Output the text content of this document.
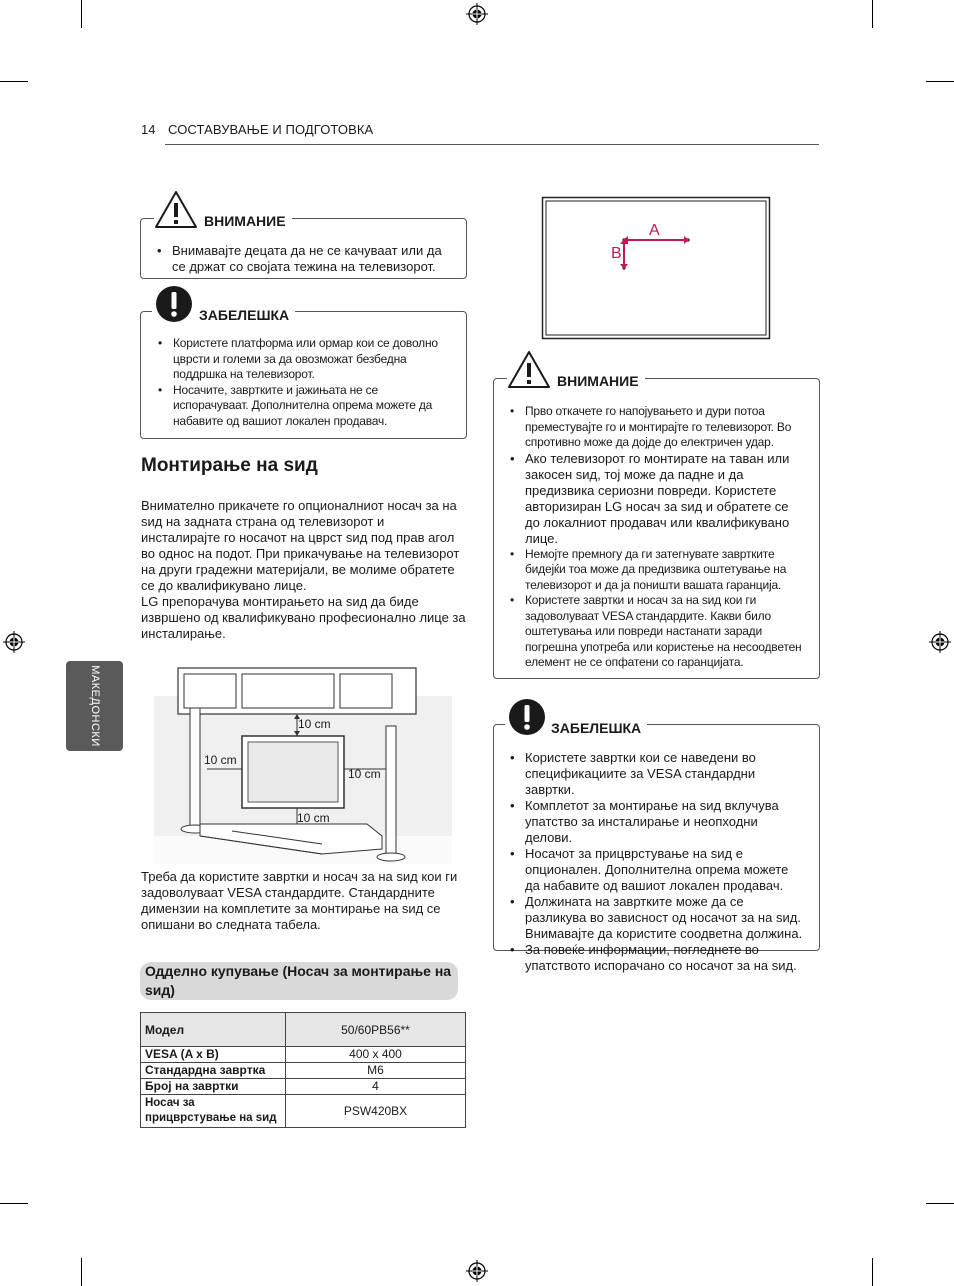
14 СОСТАВУВАЊЕ И ПОДГОТОВКА
МАКЕДОНСКИ
ВНИМАНИЕ
• Внимавајте децата да не се качуваат или да се држат со својата тежина на телевизорот.
ЗАБЕЛЕШКА
• Користете платформа или ормар кои се доволно цврсти и големи за да овозможат безбедна поддршка на телевизорот.
• Носачите, завртките и јажињата не се испорачуваат. Дополнителна опрема можете да набавите од вашиот локален продавач.
Монтирање на ѕид
Внимателно прикачете го опционалниот носач за на ѕид на задната страна од телевизорот и инсталирајте го носачот на цврст ѕид под прав агол во однос на подот. При прикачување на телевизорот на други градежни материјали, ве молиме обратете се до квалификувано лице.
LG препорачува монтирањето на ѕид да биде извршено од квалификувано професионално лице за инсталирање.
10 cm
10 cm
10 cm
10 cm
Треба да користите завртки и носач за на ѕид кои ги задоволуваат VESA стандардите. Стандардните димензии на комплетите за монтирање на ѕид се опишани во следната табела.
Одделно купување (Носач за монтирање на ѕид)
Модел	50/60PB56**
VESA (A x B)	400 x 400
Стандардна завртка	M6
Број на завртки	4
Носач за прицврстување на ѕид	PSW420BX
A
B
ВНИМАНИЕ
• Прво откачете го напојувањето и дури потоа преместувајте го и монтирајте го телевизорот. Во спротивно може да дојде до електричен удар.
• Ако телевизорот го монтирате на таван или закосен ѕид, тој може да падне и да предизвика сериозни повреди. Користете авторизиран LG носач за ѕид и обратете се до локалниот продавач или квалификувано лице.
• Немојте премногу да ги затегнувате завртките бидејќи тоа може да предизвика оштетување на телевизорот и да ја поништи вашата гаранција.
• Користете завртки и носач за на ѕид кои ги задоволуваат VESA стандардите. Какви било оштетувања или повреди настанати заради погрешна употреба или користење на несоодветен елемент не се опфатени со гаранцијата.
ЗАБЕЛЕШКА
• Користете завртки кои се наведени во спецификациите за VESA стандардни завртки.
• Комплетот за монтирање на ѕид вклучува упатство за инсталирање и неопходни делови.
• Носачот за прицврстување на ѕид е опционален. Дополнителна опрема можете да набавите од вашиот локален продавач.
• Должината на завртките може да се разликува во зависност од носачот за на ѕид. Внимавајте да користите соодветна должина.
• За повеќе информации, погледнете во упатството испорачано со носачот за на ѕид.
